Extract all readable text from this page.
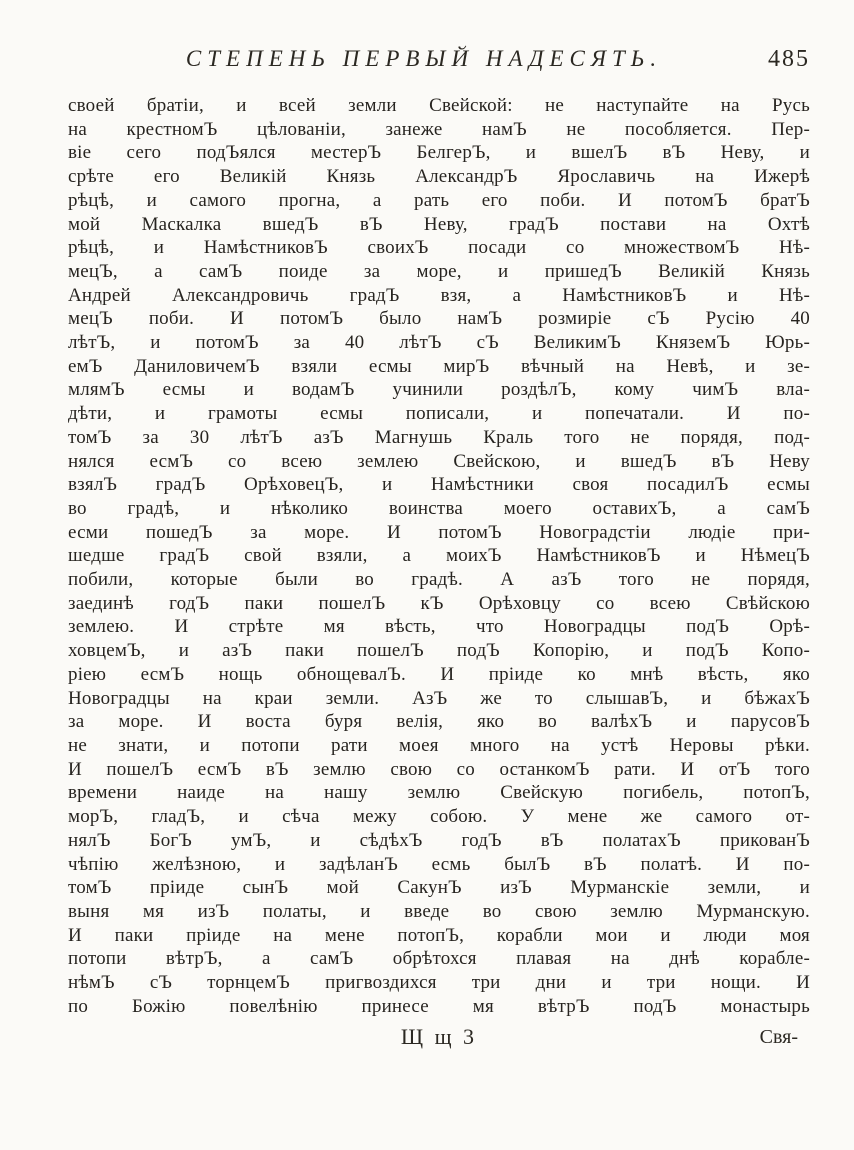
СТЕПЕНЬ ПЕРВЫЙ НАДЕСЯТЬ.	485
своей братіи, и всей земли Свейской: не наступайте на Русь
на крестномЪ цѣлованіи, занеже намЪ не пособляется. Пер-
віе сего подЪялся местерЪ БелгерЪ, и вшелЪ вЪ Неву, и
срѣте его Великій Князь АлександрЪ Ярославичь на Ижерѣ
рѣцѣ, и самого прогна, а рать его поби. И потомЪ братЪ
мой Маскалка вшедЪ вЪ Неву, градЪ постави на Охтѣ
рѣцѣ, и НамѣстниковЪ своихЪ посади со множествомЪ Нѣ-
мецЪ, а самЪ поиде за море, и пришедЪ Великій Князь
Андрей Александровичь градЪ взя, а НамѣстниковЪ и Нѣ-
мецЪ поби. И потомЪ было намЪ розмиріе сЪ Русію 40
лѣтЪ, и потомЪ за 40 лѣтЪ сЪ ВеликимЪ КняземЪ Юрь-
емЪ ДаниловичемЪ взяли есмы мирЪ вѣчный на Невѣ, и зе-
млямЪ есмы и водамЪ учинили роздѣлЪ, кому чимЪ вла-
дѣти, и грамоты есмы пописали, и попечатали. И по-
томЪ за 30 лѣтЪ азЪ Магнушь Краль того не порядя, под-
нялся есмЪ со всею землею Свейскою, и вшедЪ вЪ Неву
взялЪ градЪ ОрѣховецЪ, и Намѣстники своя посадилЪ есмы
во градѣ, и нѣколико воинства моего оставихЪ, а самЪ
есми пошедЪ за море. И потомЪ Новоградстіи людіе при-
шедше градЪ свой взяли, а моихЪ НамѣстниковЪ и НѣмецЪ
побили, которые были во градѣ. А азЪ того не порядя,
заединѣ годЪ паки пошелЪ кЪ Орѣховцу со всею Свѣйскою
землею. И стрѣте мя вѣсть, что Новоградцы подЪ Орѣ-
ховцемЪ, и азЪ паки пошелЪ подЪ Копорію, и подЪ Копо-
ріею есмЪ нощь обнощевалЪ. И пріиде ко мнѣ вѣсть, яко
Новоградцы на краи земли. АзЪ же то слышавЪ, и бѣжахЪ
за море. И воста буря велія, яко во валѣхЪ и парусовЪ
не знати, и потопи рати моея много на устѣ Неровы рѣки.
И пошелЪ есмЪ вЪ землю свою со останкомЪ рати. И отЪ того
времени наиде на нашу землю Свейскую погибель, потопЪ,
морЪ, гладЪ, и сѣча межу собою. У мене же самого от-
нялЪ БогЪ умЪ, и сѣдѣхЪ годЪ вЪ полатахЪ прикованЪ
чѣпію желѣзною, и задѣланЪ есмь былЪ вЪ полатѣ. И по-
томЪ пріиде сынЪ мой СакунЪ изЪ Мурманскіе земли, и
выня мя изЪ полаты, и введе во свою землю Мурманскую.
И паки пріиде на мене потопЪ, корабли мои и люди моя
потопи вѣтрЪ, а самЪ обрѣтохся плавая на днѣ корабле-
нѣмЪ сЪ торнцемЪ пригвоздихся три дни и три нощи. И
по Божію повелѣнію принесе мя вѣтрЪ подЪ монастырь
Щ щ 3	Свя-
